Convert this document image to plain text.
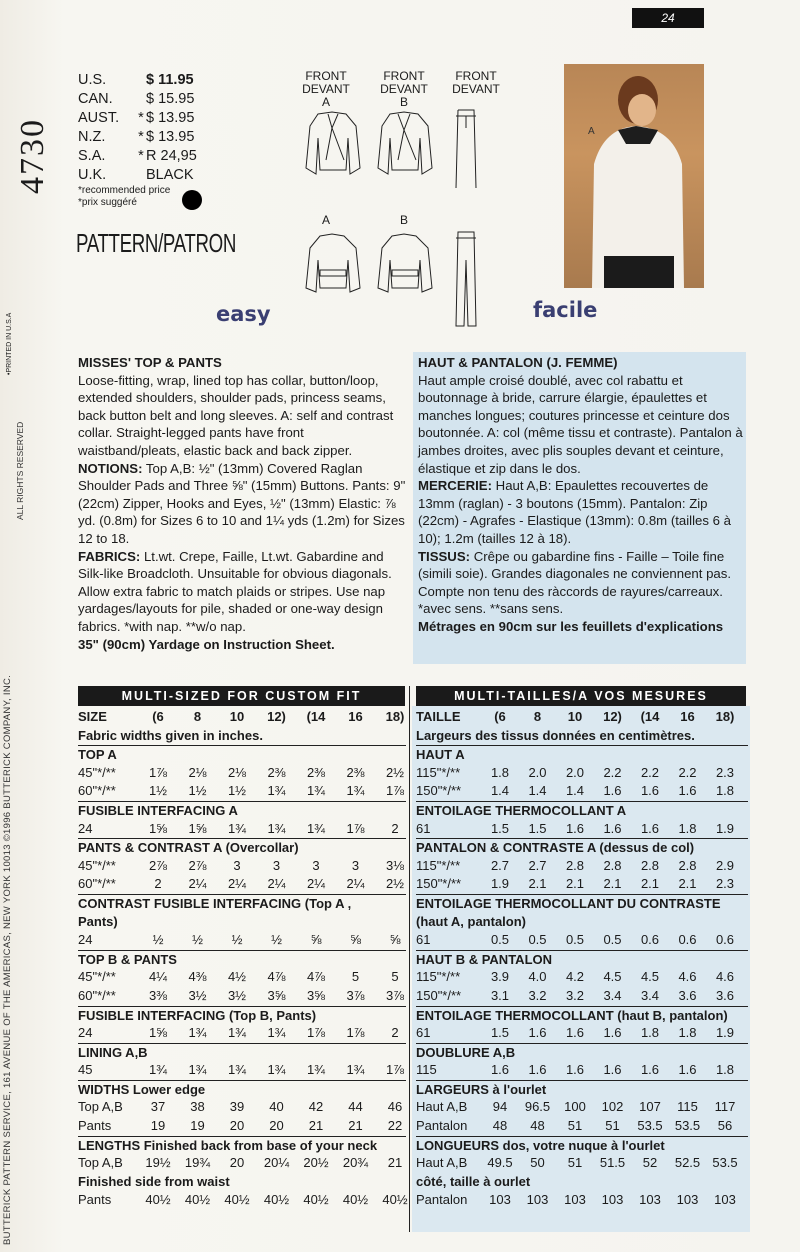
4730
BUTTERICK PATTERN SERVICE, 161 AVENUE OF THE AMERICAS, NEW YORK 10013 ©1996 BUTTERICK COMPANY, INC.
ALL RIGHTS RESERVED
•PRINTED IN U.S.A
24
U.S.	$ 11.95
CAN.	$ 15.95
AUST.	* $ 13.95
N.Z.	* $ 13.95
S.A.	* R 24,95
U.K.	BLACK
*recommended price
*prix suggéré
PATTERN/PATRON
FRONT
DEVANT
A
FRONT
DEVANT
B
FRONT
DEVANT
A	B
easy	facile
A

MISSES' TOP & PANTS

Loose-fitting, wrap, lined top has collar, button/loop, extended shoulders, shoulder pads, princess seams, back button belt and long sleeves. A: self and contrast collar. Straight-legged pants have front waistband/pleats, elastic back and back zipper.

NOTIONS: Top A,B: ½" (13mm) Covered Raglan Shoulder Pads and Three ⅝" (15mm) Buttons. Pants: 9" (22cm) Zipper, Hooks and Eyes, ½" (13mm) Elastic: ⅞ yd. (0.8m) for Sizes 6 to 10 and 1¼ yds (1.2m) for Sizes 12 to 18.

FABRICS: Lt.wt. Crepe, Faille, Lt.wt. Gabardine and Silk-like Broadcloth. Unsuitable for obvious diagonals. Allow extra fabric to match plaids or stripes. Use nap yardages/layouts for pile, shaded or one-way design fabrics. *with nap. **w/o nap.

35" (90cm) Yardage on Instruction Sheet.

HAUT & PANTALON (J. FEMME)

Haut ample croisé doublé, avec col rabattu et boutonnage à bride, carrure élargie, épaulettes et manches longues; coutures princesse et ceinture dos boutonnée. A: col (même tissu et contraste). Pantalon à jambes droites, avec plis souples devant et ceinture, élastique et zip dans le dos.

MERCERIE: Haut A,B: Epaulettes recouvertes de 13mm (raglan) - 3 boutons (15mm). Pantalon: Zip (22cm) - Agrafes - Elastique (13mm): 0.8m (tailles 6 à 10); 1.2m (tailles 12 à 18).

TISSUS: Crêpe ou gabardine fins - Faille – Toile fine (simili soie). Grandes diagonales ne conviennent pas. Compte non tenu des ràccords de rayures/carreaux. *avec sens. **sans sens.

Métrages en 90cm sur les feuillets d'explications

MULTI-SIZED FOR CUSTOM FIT	MULTI-TAILLES/A VOS MESURES
SIZE	(6	8	10	12)	(14	16	18)
Fabric widths given in inches.
TOP A
45"*/**	1⅞	2⅛	2⅛	2⅜	2⅜	2⅜	2½
60"*/**	1½	1½	1½	1¾	1¾	1¾	1⅞
FUSIBLE INTERFACING A
24	1⅝	1⅝	1¾	1¾	1¾	1⅞	2
PANTS & CONTRAST A (Overcollar)
45"*/**	2⅞	2⅞	3	3	3	3	3⅛
60"*/**	2	2¼	2¼	2¼	2¼	2¼	2½
CONTRAST FUSIBLE INTERFACING (Top A ,
Pants)
24	½	½	½	½	⅝	⅝	⅝
TOP B & PANTS
45"*/**	4¼	4⅜	4½	4⅞	4⅞	5	5
60"*/**	3⅜	3½	3½	3⅝	3⅝	3⅞	3⅞
FUSIBLE INTERFACING (Top B, Pants)
24	1⅝	1¾	1¾	1¾	1⅞	1⅞	2
LINING A,B
45	1¾	1¾	1¾	1¾	1¾	1¾	1⅞
WIDTHS Lower edge
Top A,B	37	38	39	40	42	44	46
Pants	19	19	20	20	21	21	22
LENGTHS Finished back from base of your neck
Top A,B	19½	19¾	20	20¼	20½	20¾	21
Finished side from waist
Pants	40½	40½	40½	40½	40½	40½	40½
TAILLE	(6	8	10	12)	(14	16	18)
Largeurs des tissus données en centimètres.
HAUT A
115"*/**	1.8	2.0	2.0	2.2	2.2	2.2	2.3
150"*/**	1.4	1.4	1.4	1.6	1.6	1.6	1.8
ENTOILAGE THERMOCOLLANT A
61	1.5	1.5	1.6	1.6	1.6	1.8	1.9
PANTALON & CONTRASTE A (dessus de col)
115"*/**	2.7	2.7	2.8	2.8	2.8	2.8	2.9
150"*/**	1.9	2.1	2.1	2.1	2.1	2.1	2.3
ENTOILAGE THERMOCOLLANT DU CONTRASTE
(haut A, pantalon)
61	0.5	0.5	0.5	0.5	0.6	0.6	0.6
HAUT B & PANTALON
115"*/**	3.9	4.0	4.2	4.5	4.5	4.6	4.6
150"*/**	3.1	3.2	3.2	3.4	3.4	3.6	3.6
ENTOILAGE THERMOCOLLANT (haut B, pantalon)
61	1.5	1.6	1.6	1.6	1.8	1.8	1.9
DOUBLURE A,B
115	1.6	1.6	1.6	1.6	1.6	1.6	1.8
LARGEURS à l'ourlet
Haut A,B	94	96.5	100	102	107	115	117
Pantalon	48	48	51	51	53.5 53.5	56
LONGUEURS dos, votre nuque à l'ourlet
Haut A,B	49.5	50	51	51.5	52	52.5 53.5
côté, taille à ourlet
Pantalon	103	103	103	103	103	103	103
